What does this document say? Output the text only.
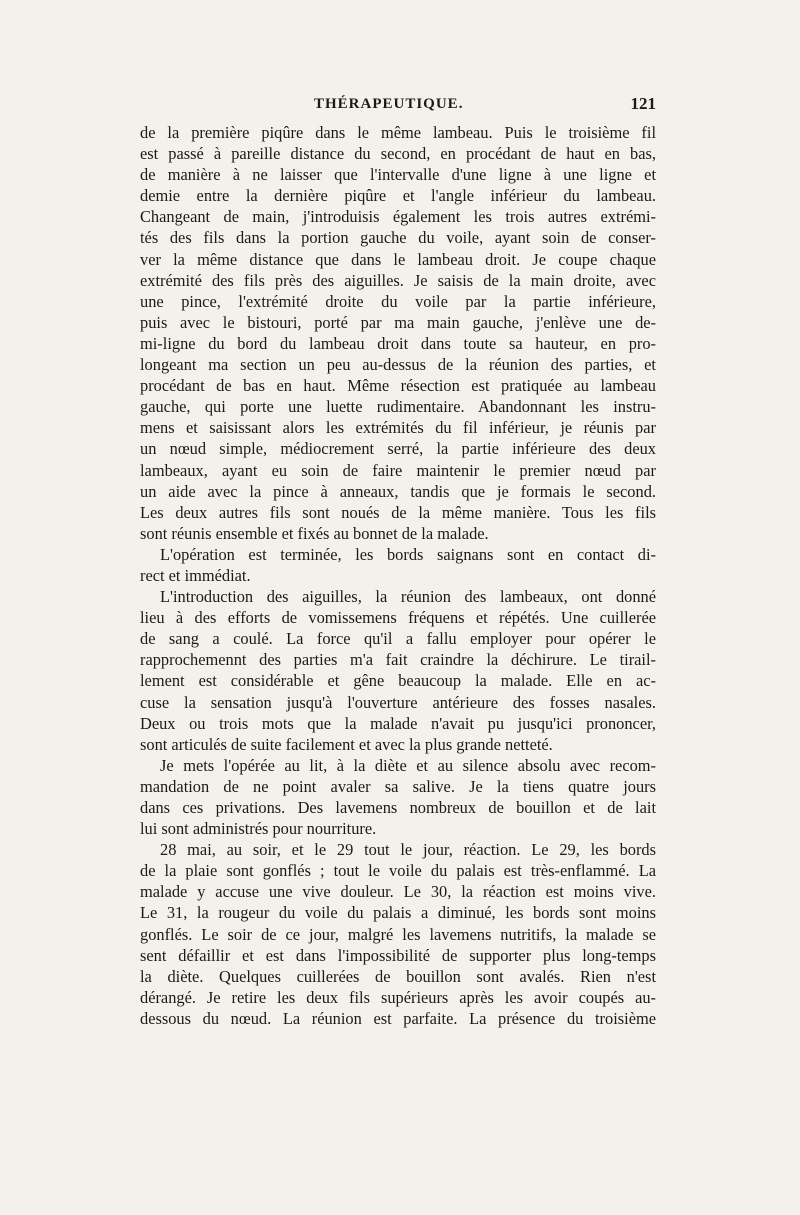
THÉRAPEUTIQUE.	121
de la première piqûre dans le même lambeau. Puis le troisième fil
est passé à pareille distance du second, en procédant de haut en bas,
de manière à ne laisser que l'intervalle d'une ligne à une ligne et
demie entre la dernière piqûre et l'angle inférieur du lambeau.
Changeant de main, j'introduisis également les trois autres extrémi-
tés des fils dans la portion gauche du voile, ayant soin de conser-
ver la même distance que dans le lambeau droit. Je coupe chaque
extrémité des fils près des aiguilles. Je saisis de la main droite, avec
une pince, l'extrémité droite du voile par la partie inférieure,
puis avec le bistouri, porté par ma main gauche, j'enlève une de-
mi-ligne du bord du lambeau droit dans toute sa hauteur, en pro-
longeant ma section un peu au-dessus de la réunion des parties, et
procédant de bas en haut. Même résection est pratiquée au lambeau
gauche, qui porte une luette rudimentaire. Abandonnant les instru-
mens et saisissant alors les extrémités du fil inférieur, je réunis par
un nœud simple, médiocrement serré, la partie inférieure des deux
lambeaux, ayant eu soin de faire maintenir le premier nœud par
un aide avec la pince à anneaux, tandis que je formais le second.
Les deux autres fils sont noués de la même manière. Tous les fils
sont réunis ensemble et fixés au bonnet de la malade.
L'opération est terminée, les bords saignans sont en contact di-
rect et immédiat.
L'introduction des aiguilles, la réunion des lambeaux, ont donné
lieu à des efforts de vomissemens fréquens et répétés. Une cuillerée
de sang a coulé. La force qu'il a fallu employer pour opérer le
rapprochemennt des parties m'a fait craindre la déchirure. Le tirail-
lement est considérable et gêne beaucoup la malade. Elle en ac-
cuse la sensation jusqu'à l'ouverture antérieure des fosses nasales.
Deux ou trois mots que la malade n'avait pu jusqu'ici prononcer,
sont articulés de suite facilement et avec la plus grande netteté.
Je mets l'opérée au lit, à la diète et au silence absolu avec recom-
mandation de ne point avaler sa salive. Je la tiens quatre jours
dans ces privations. Des lavemens nombreux de bouillon et de lait
lui sont administrés pour nourriture.
28 mai, au soir, et le 29 tout le jour, réaction. Le 29, les bords
de la plaie sont gonflés ; tout le voile du palais est très-enflammé. La
malade y accuse une vive douleur. Le 30, la réaction est moins vive.
Le 31, la rougeur du voile du palais a diminué, les bords sont moins
gonflés. Le soir de ce jour, malgré les lavemens nutritifs, la malade se
sent défaillir et est dans l'impossibilité de supporter plus long-temps
la diète. Quelques cuillerées de bouillon sont avalés. Rien n'est
dérangé. Je retire les deux fils supérieurs après les avoir coupés au-
dessous du nœud. La réunion est parfaite. La présence du troisième
